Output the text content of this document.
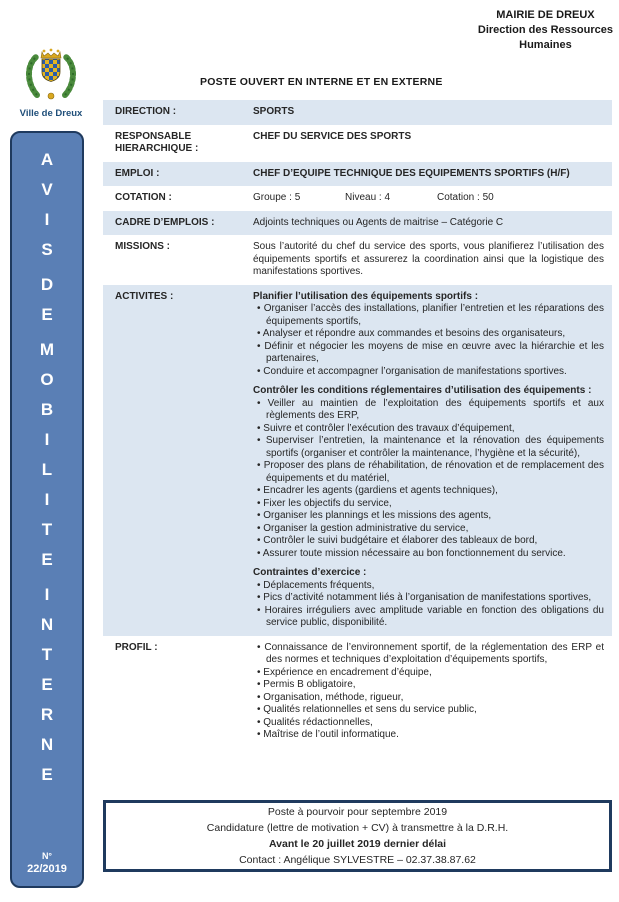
MAIRIE DE DREUX
Direction des Ressources
Humaines
Ville de Dreux
A
V
I
S
D
E
M
O
B
I
L
I
T
E
I
N
T
E
R
N
E
N°
22/2019
POSTE OUVERT EN INTERNE ET EN EXTERNE
DIRECTION :	SPORTS
RESPONSABLE HIERARCHIQUE :
CHEF DU SERVICE DES SPORTS
EMPLOI :	CHEF D’EQUIPE TECHNIQUE DES EQUIPEMENTS SPORTIFS (H/F)
COTATION :	Groupe : 5	Niveau : 4	Cotation : 50
CADRE D’EMPLOIS :	Adjoints techniques ou Agents de maitrise – Catégorie C
MISSIONS :	Sous l’autorité du chef du service des sports, vous planifierez l’utilisation des équipements sportifs et assurerez la coordination ainsi que la logistique des manifestations sportives.
ACTIVITES :	Planifier l’utilisation des équipements sportifs :
• Organiser l’accès des installations, planifier l’entretien et les réparations des équipements sportifs,
• Analyser et répondre aux commandes et besoins des organisateurs,
• Définir et négocier les moyens de mise en œuvre avec la hiérarchie et les partenaires,
• Conduire et accompagner l’organisation de manifestations sportives.
Contrôler les conditions réglementaires d’utilisation des équipements :
• Veiller au maintien de l’exploitation des équipements sportifs et aux règlements des ERP,
• Suivre et contrôler l’exécution des travaux d’équipement,
• Superviser l’entretien, la maintenance et la rénovation des équipements sportifs (organiser et contrôler la maintenance, l’hygiène et la sécurité),
• Proposer des plans de réhabilitation, de rénovation et de remplacement des équipements et du matériel,
• Encadrer les agents (gardiens et agents techniques),
• Fixer les objectifs du service,
• Organiser les plannings et les missions des agents,
• Organiser la gestion administrative du service,
• Contrôler le suivi budgétaire et élaborer des tableaux de bord,
• Assurer toute mission nécessaire au bon fonctionnement du service.
Contraintes d’exercice :
• Déplacements fréquents,
• Pics d’activité notamment liés à l’organisation de manifestations sportives,
• Horaires irréguliers avec amplitude variable en fonction des obligations du service public, disponibilité.
PROFIL :	• Connaissance de l’environnement sportif, de la réglementation des ERP et des normes et techniques d’exploitation d’équipements sportifs,
• Expérience en encadrement d’équipe,
• Permis B obligatoire,
• Organisation, méthode, rigueur,
• Qualités relationnelles et sens du service public,
• Qualités rédactionnelles,
• Maîtrise de l’outil informatique.
Poste à pourvoir pour septembre 2019
Candidature (lettre de motivation + CV) à transmettre à la D.R.H.
Avant le 20 juillet 2019 dernier délai
Contact : Angélique SYLVESTRE – 02.37.38.87.62
